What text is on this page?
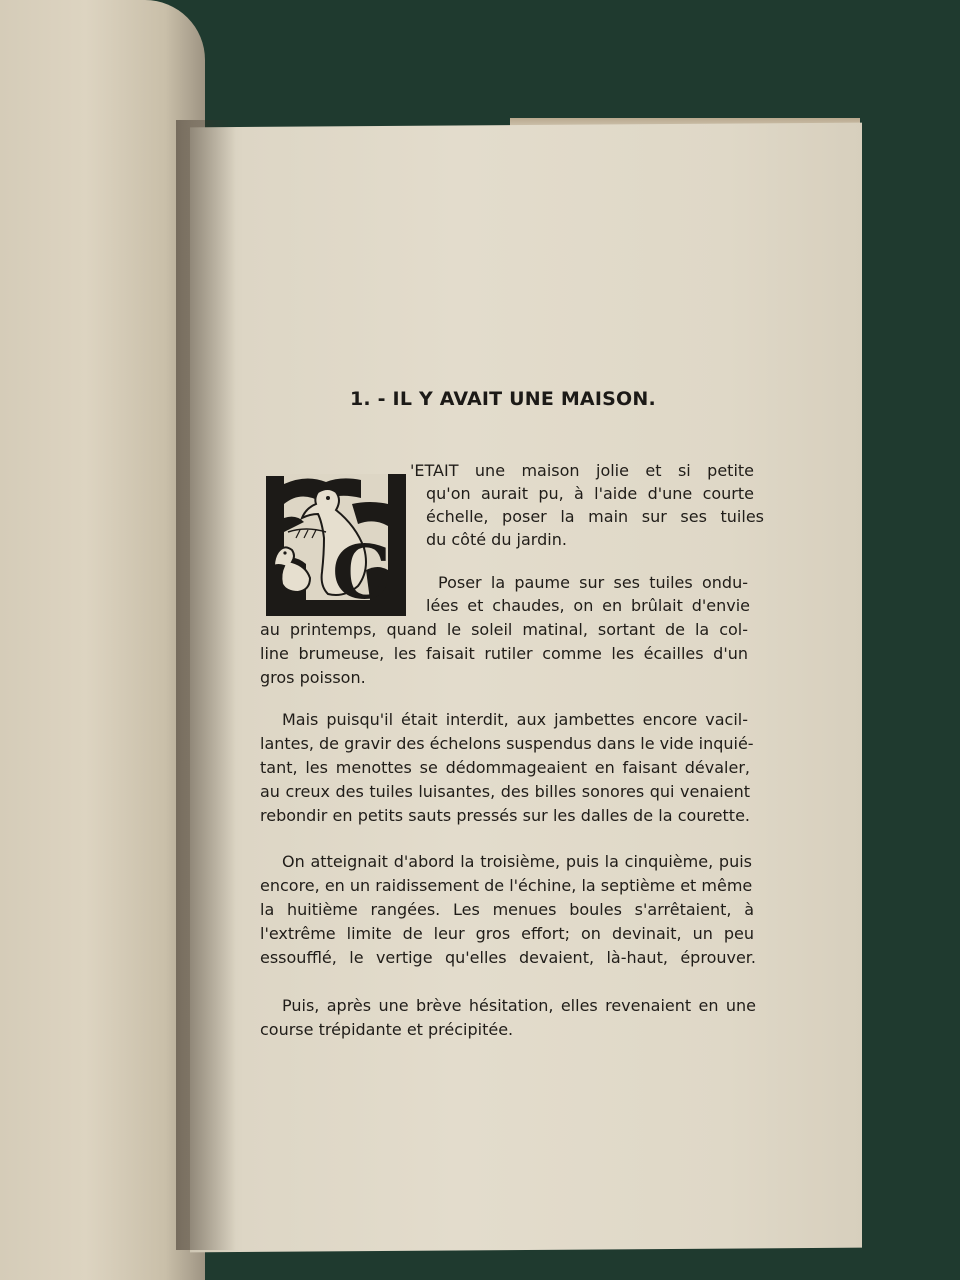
1. - IL Y AVAIT UNE MAISON.
C
'ETAIT une maison jolie et si petite
qu'on aurait pu, à l'aide d'une courte
échelle, poser la main sur ses tuiles
du côté du jardin.
Poser la paume sur ses tuiles ondu-
lées et chaudes, on en brûlait d'envie
au printemps, quand le soleil matinal, sortant de la col-
line brumeuse, les faisait rutiler comme les écailles d'un
gros poisson.
Mais puisqu'il était interdit, aux jambettes encore vacil-
lantes, de gravir des échelons suspendus dans le vide inquié-
tant, les menottes se dédommageaient en faisant dévaler,
au creux des tuiles luisantes, des billes sonores qui venaient
rebondir en petits sauts pressés sur les dalles de la courette.
On atteignait d'abord la troisième, puis la cinquième, puis
encore, en un raidissement de l'échine, la septième et même
la huitième rangées. Les menues boules s'arrêtaient, à
l'extrême limite de leur gros effort; on devinait, un peu
essoufflé, le vertige qu'elles devaient, là-haut, éprouver.
Puis, après une brève hésitation, elles revenaient en une
course trépidante et précipitée.
